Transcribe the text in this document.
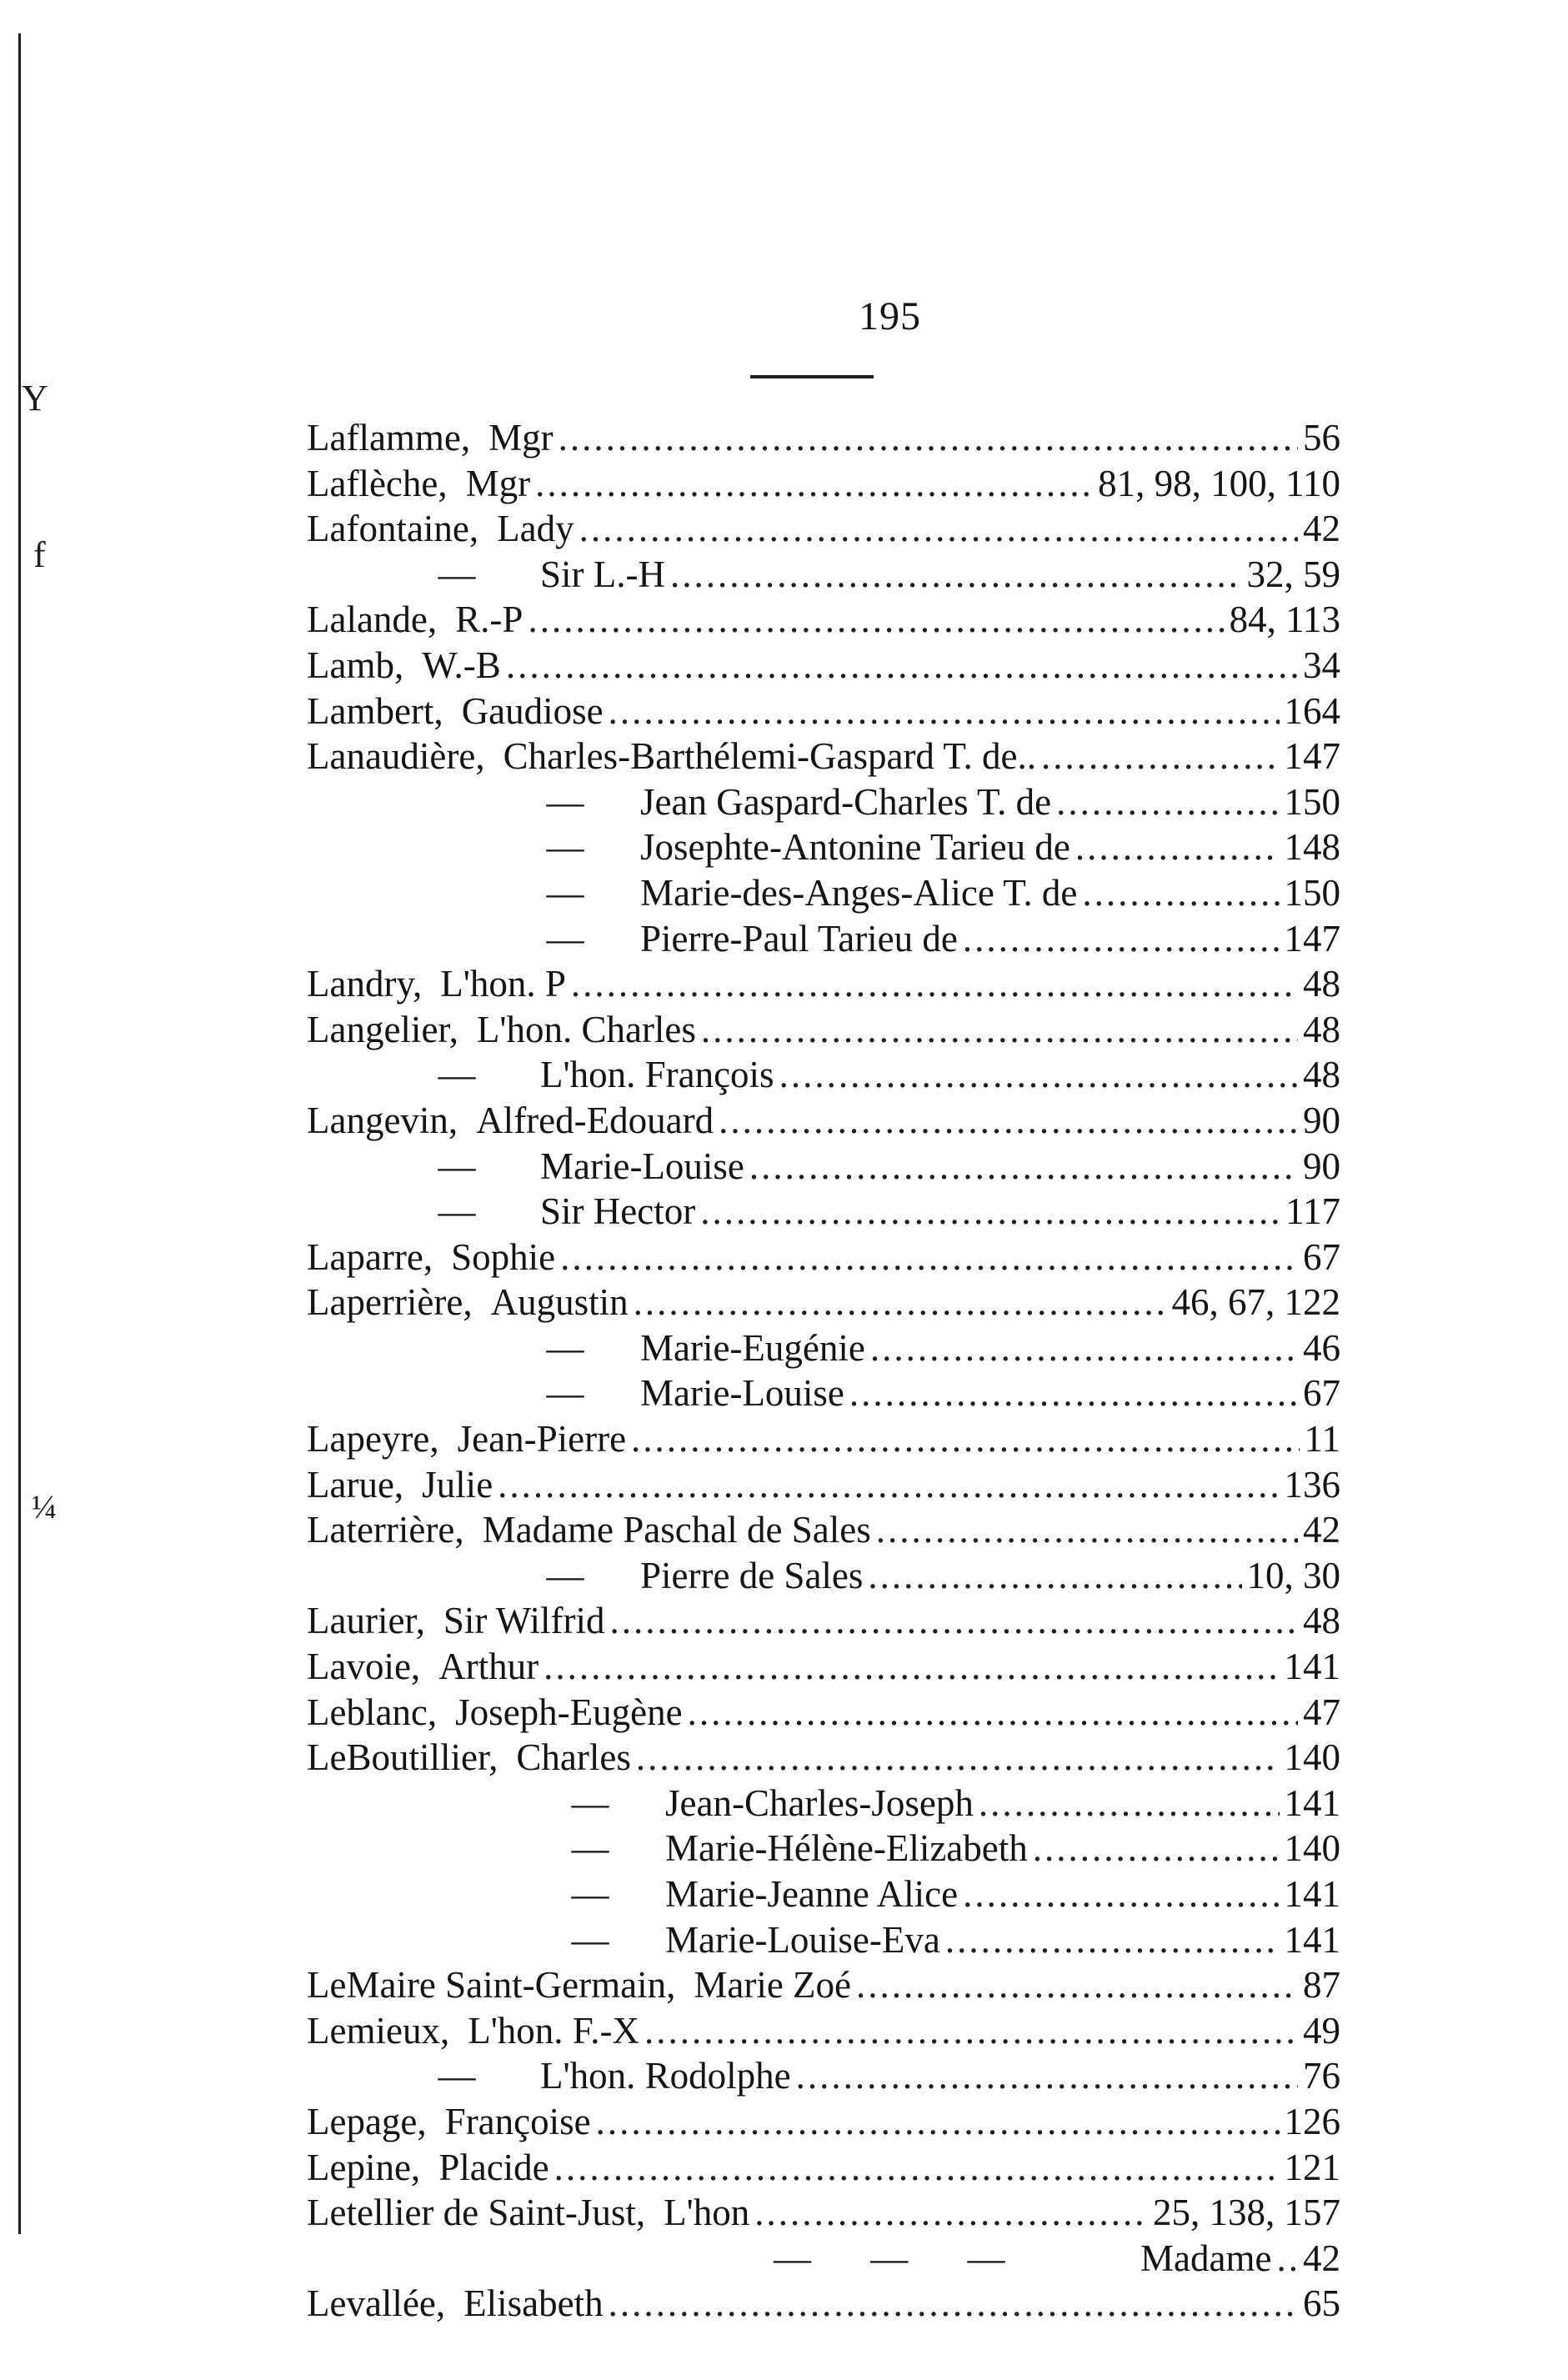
Y
f
¼
195
Laflamme, Mgr .....	56
Laflèche, Mgr .....	81, 98, 100, 110
Lafontaine, Lady .....	42
— Sir L.-H .....	32, 59
Lalande, R.-P .....	84, 113
Lamb, W.-B .....	34
Lambert, Gaudiose .....	164
Lanaudière, Charles-Barthélemi-Gaspard T. de.. .....	147
— Jean Gaspard-Charles T. de .....	150
— Josephte-Antonine Tarieu de .....	148
— Marie-des-Anges-Alice T. de .....	150
— Pierre-Paul Tarieu de .....	147
Landry, L'hon. P .....	48
Langelier, L'hon. Charles .....	48
— L'hon. François .....	48
Langevin, Alfred-Edouard .....	90
— Marie-Louise .....	90
— Sir Hector .....	117
Laparre, Sophie .....	67
Laperrière, Augustin .....	46, 67, 122
— Marie-Eugénie .....	46
— Marie-Louise .....	67
Lapeyre, Jean-Pierre .....	11
Larue, Julie .....	136
Laterrière, Madame Paschal de Sales .....	42
— Pierre de Sales .....	10, 30
Laurier, Sir Wilfrid .....	48
Lavoie, Arthur .....	141
Leblanc, Joseph-Eugène .....	47
LeBoutillier, Charles .....	140
— Jean-Charles-Joseph .....	141
— Marie-Hélène-Elizabeth .....	140
— Marie-Jeanne Alice .....	141
— Marie-Louise-Eva .....	141
LeMaire Saint-Germain, Marie Zoé .....	87
Lemieux, L'hon. F.-X .....	49
— L'hon. Rodolphe .....	76
Lepage, Françoise .....	126
Lepine, Placide .....	121
Letellier de Saint-Just, L'hon .....	25, 138, 157
— — —	Madame ..... 42
Levallée, Elisabeth .....	65
